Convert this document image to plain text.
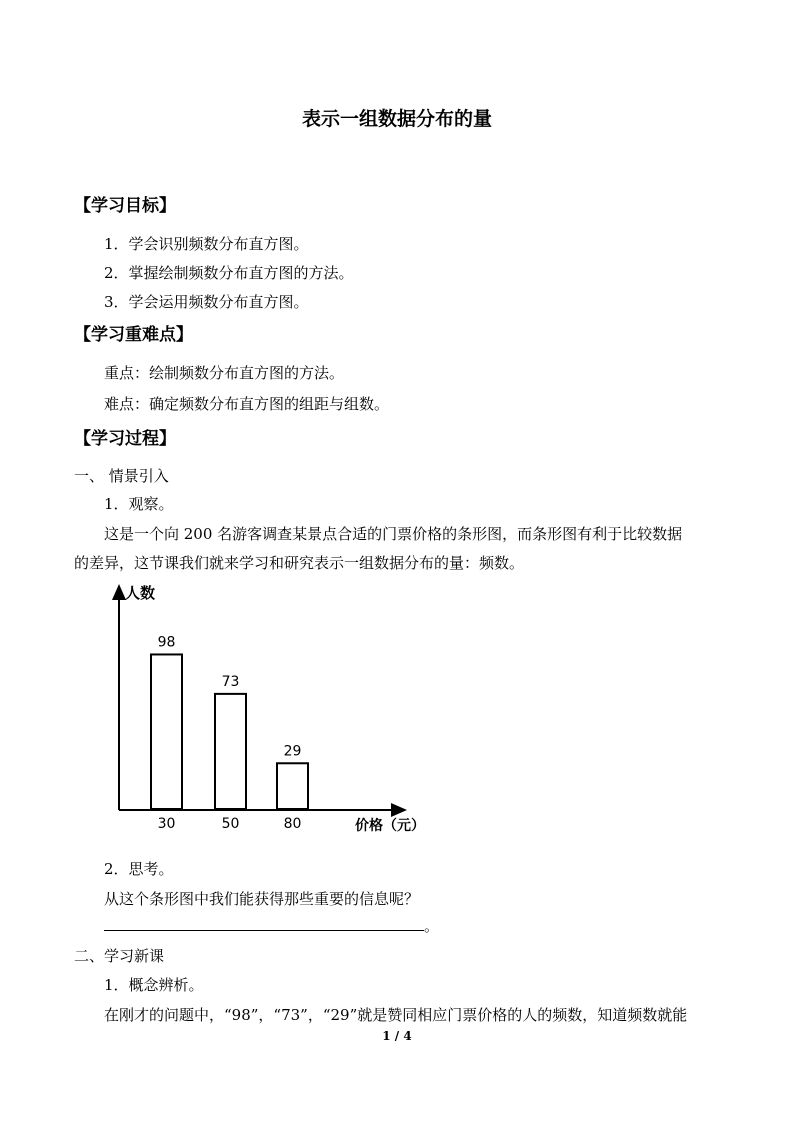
表示一组数据分布的量
【学习目标】
1．学会识别频数分布直方图。
2．掌握绘制频数分布直方图的方法。
3．学会运用频数分布直方图。
【学习重难点】
重点：绘制频数分布直方图的方法。
难点：确定频数分布直方图的组距与组数。
【学习过程】
一、 情景引入
1．观察。
这是一个向 200 名游客调查某景点合适的门票价格的条形图，而条形图有利于比较数据
的差异，这节课我们就来学习和研究表示一组数据分布的量：频数。
人数
价格（元）
98
30
73
50
29
80
2．思考。
从这个条形图中我们能获得那些重要的信息呢？
。
二、学习新课
1．概念辨析。
在刚才的问题中，“98”，“73”，“29”就是赞同相应门票价格的人的频数，知道频数就能
1 / 4
